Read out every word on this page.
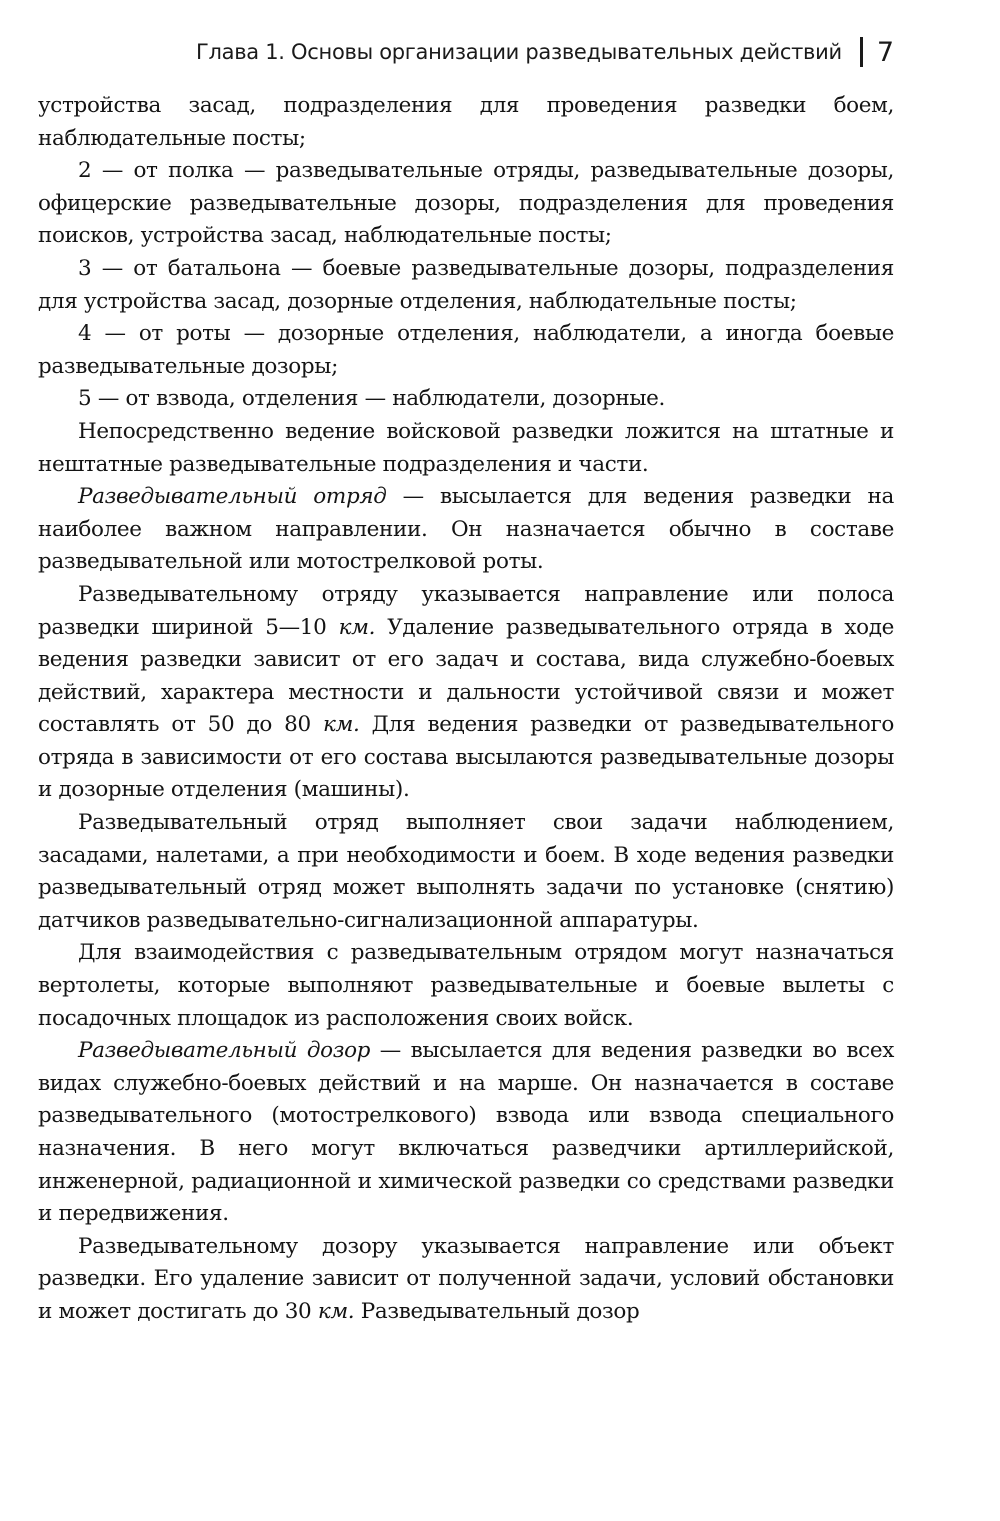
Глава 1. Основы организации разведывательных действий 7

устройства засад, подразделения для проведения разведки боем, наблюдательные посты;

2 — от полка — разведывательные отряды, разведывательные дозоры, офицерские разведывательные дозоры, подразделения для проведения поисков, устройства засад, наблюдательные посты;

3 — от батальона — боевые разведывательные дозоры, подразделения для устройства засад, дозорные отделения, наблюдательные посты;

4 — от роты — дозорные отделения, наблюдатели, а иногда боевые разведывательные дозоры;

5 — от взвода, отделения — наблюдатели, дозорные.

Непосредственно ведение войсковой разведки ложится на штатные и нештатные разведывательные подразделения и части.

Разведывательный отряд — высылается для ведения разведки на наиболее важном направлении. Он назначается обычно в составе разведывательной или мотострелковой роты.

Разведывательному отряду указывается направление или полоса разведки шириной 5—10 км. Удаление разведывательного отряда в ходе ведения разведки зависит от его задач и состава, вида служебно-боевых действий, характера местности и дальности устойчивой связи и может составлять от 50 до 80 км. Для ведения разведки от разведывательного отряда в зависимости от его состава высылаются разведывательные дозоры и дозорные отделения (машины).

Разведывательный отряд выполняет свои задачи наблюдением, засадами, налетами, а при необходимости и боем. В ходе ведения разведки разведывательный отряд может выполнять задачи по установке (снятию) датчиков разведывательно-сигнализационной аппаратуры.

Для взаимодействия с разведывательным отрядом могут назначаться вертолеты, которые выполняют разведывательные и боевые вылеты с посадочных площадок из расположения своих войск.

Разведывательный дозор — высылается для ведения разведки во всех видах служебно-боевых действий и на марше. Он назначается в составе разведывательного (мотострелкового) взвода или взвода специального назначения. В него могут включаться разведчики артиллерийской, инженерной, радиационной и химической разведки со средствами разведки и передвижения.

Разведывательному дозору указывается направление или объект разведки. Его удаление зависит от полученной задачи, условий обстановки и может достигать до 30 км. Разведывательный дозор
